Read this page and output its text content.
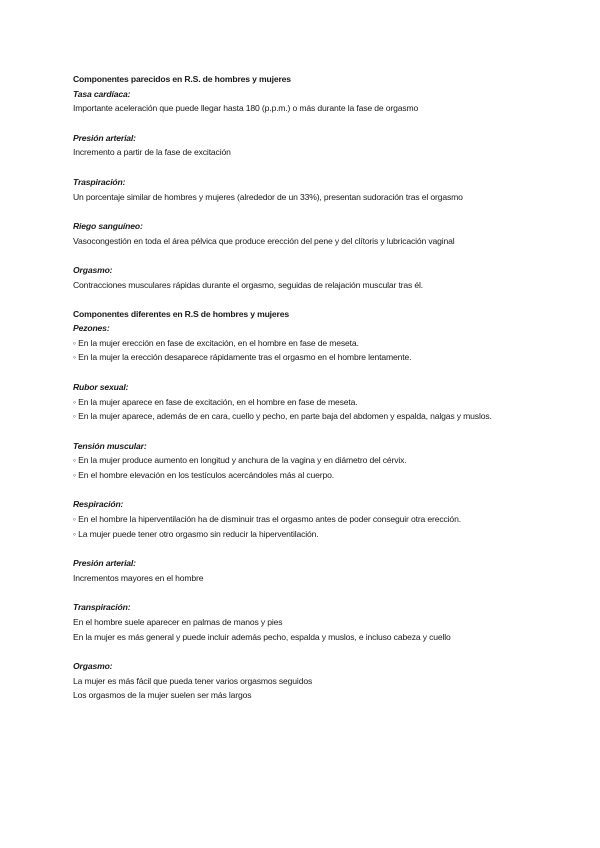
Componentes parecidos en R.S. de hombres y mujeres

Tasa cardíaca:

Importante aceleración que puede llegar hasta 180 (p.p.m.) o más durante la fase de orgasmo

Presión arterial:

Incremento a partir de la fase de excitación

Traspiración:

Un porcentaje similar de hombres y mujeres (alrededor de un 33%), presentan sudoración tras el orgasmo

Riego sanguíneo:

Vasocongestión en toda el área pélvica que produce erección del pene y del clítoris y lubricación vaginal

Orgasmo:

Contracciones musculares rápidas durante el orgasmo, seguidas de relajación muscular tras él.

Componentes diferentes en R.S de hombres y mujeres

Pezones:

◦ En la mujer erección en fase de excitación, en el hombre en fase de meseta.

◦ En la mujer la erección desaparece rápidamente tras el orgasmo en el hombre lentamente.

Rubor sexual:

◦ En la mujer aparece en fase de excitación, en el hombre en fase de meseta.

◦ En la mujer aparece, además de en cara, cuello y pecho, en parte baja del abdomen y espalda, nalgas y muslos.

Tensión muscular:

◦ En la mujer produce aumento en longitud y anchura de la vagina y en diámetro del cérvix.

◦ En el hombre elevación en los testículos acercándoles más al cuerpo.

Respiración:

◦ En el hombre la hiperventilación ha de disminuir tras el orgasmo antes de poder conseguir otra erección.

◦ La mujer puede tener otro orgasmo sin reducir la hiperventilación.

Presión arterial:

Incrementos mayores en el hombre

Transpiración:

En el hombre suele aparecer en palmas de manos y pies

En la mujer es más general y puede incluir además pecho, espalda y muslos, e incluso cabeza y cuello

Orgasmo:

La mujer es más fácil que pueda tener varios orgasmos seguidos

Los orgasmos de la mujer suelen ser más largos
